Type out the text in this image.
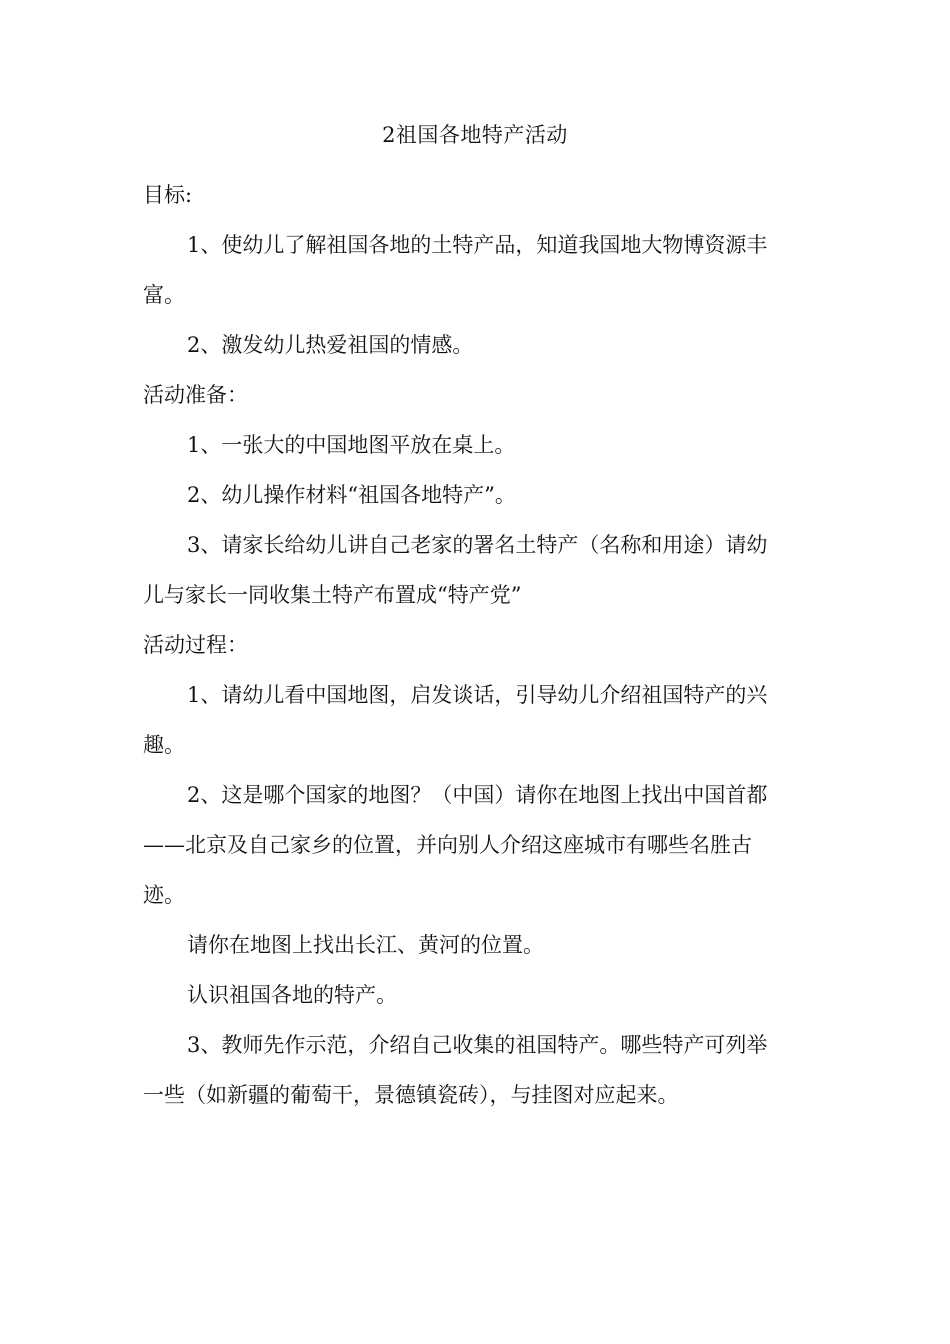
2祖国各地特产活动
目标:
1、使幼儿了解祖国各地的土特产品，知道我国地大物博资源丰
富。
2、激发幼儿热爱祖国的情感。
活动准备：
1、一张大的中国地图平放在桌上。
2、幼儿操作材料“祖国各地特产”。
3、请家长给幼儿讲自己老家的署名土特产（名称和用途）请幼
儿与家长一同收集土特产布置成“特产党”
活动过程：
1、请幼儿看中国地图，启发谈话，引导幼儿介绍祖国特产的兴
趣。
2、这是哪个国家的地图？（中国）请你在地图上找出中国首都
——北京及自己家乡的位置，并向别人介绍这座城市有哪些名胜古
迹。
请你在地图上找出长江、黄河的位置。
认识祖国各地的特产。
3、教师先作示范，介绍自己收集的祖国特产。哪些特产可列举
一些（如新疆的葡萄干，景德镇瓷砖），与挂图对应起来。
